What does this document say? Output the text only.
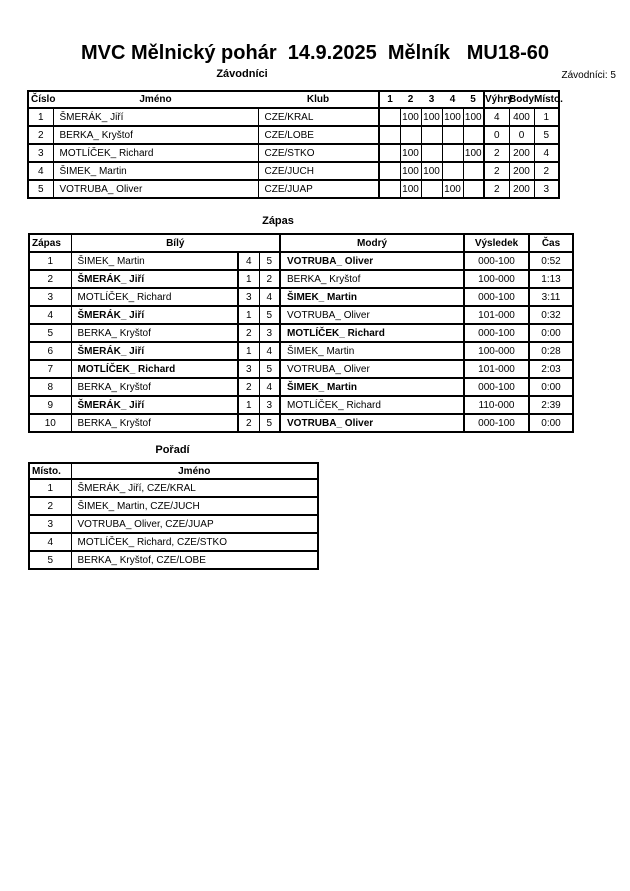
MVC Mělnický pohár  14.9.2025  Mělník   MU18-60
Závodníci	Závodníci: 5
Číslo	Jméno	Klub	1	2	3	4	5	Výhry	Body	Místo.
1	ŠMERÁK_ Jiří	CZE/KRAL		100	100	100	100	4	400	1
2	BERKA_ Kryštof	CZE/LOBE						0	0	5
3	MOTLÍČEK_ Richard	CZE/STKO		100			100	2	200	4
4	ŠIMEK_ Martin	CZE/JUCH		100	100			2	200	2
5	VOTRUBA_ Oliver	CZE/JUAP		100		100		2	200	3
Zápas
Zápas	Bílý			Modrý	Výsledek	Čas
1	ŠIMEK_ Martin	4	5	VOTRUBA_ Oliver	000-100	0:52
2	ŠMERÁK_ Jiří	1	2	BERKA_ Kryštof	100-000	1:13
3	MOTLÍČEK_ Richard	3	4	ŠIMEK_ Martin	000-100	3:11
4	ŠMERÁK_ Jiří	1	5	VOTRUBA_ Oliver	101-000	0:32
5	BERKA_ Kryštof	2	3	MOTLÍČEK_ Richard	000-100	0:00
6	ŠMERÁK_ Jiří	1	4	ŠIMEK_ Martin	100-000	0:28
7	MOTLÍČEK_ Richard	3	5	VOTRUBA_ Oliver	101-000	2:03
8	BERKA_ Kryštof	2	4	ŠIMEK_ Martin	000-100	0:00
9	ŠMERÁK_ Jiří	1	3	MOTLÍČEK_ Richard	110-000	2:39
10	BERKA_ Kryštof	2	5	VOTRUBA_ Oliver	000-100	0:00
Pořadí
Místo.	Jméno
1	ŠMERÁK_ Jiří, CZE/KRAL
2	ŠIMEK_ Martin, CZE/JUCH
3	VOTRUBA_ Oliver, CZE/JUAP
4	MOTLÍČEK_ Richard, CZE/STKO
5	BERKA_ Kryštof, CZE/LOBE
